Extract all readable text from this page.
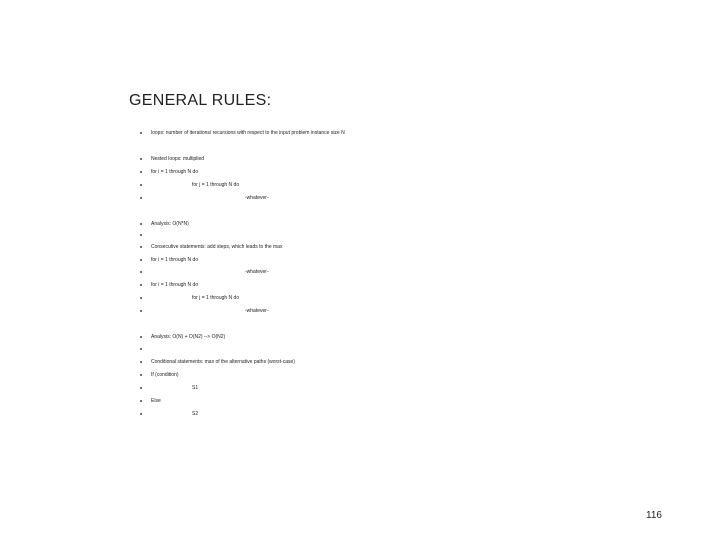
GENERAL RULES:
loops: number of iterations/ recursions with respect to the input problem instance size N
Nested loops: multiplied
for i = 1 through N do
for j = 1 through N do
-whatever-
Analysis: O(N*N)
Consecutive statements: add steps, which leads to the max
for i = 1 through N do
-whatever-
for i = 1 through N do
for j = 1 through N do
-whatever-
Analysis: O(N) + O(N2) --> O(N2)
Conditional statements: max of the alternative paths (worst-case)
If (condition)
S1
Else
S2
116
